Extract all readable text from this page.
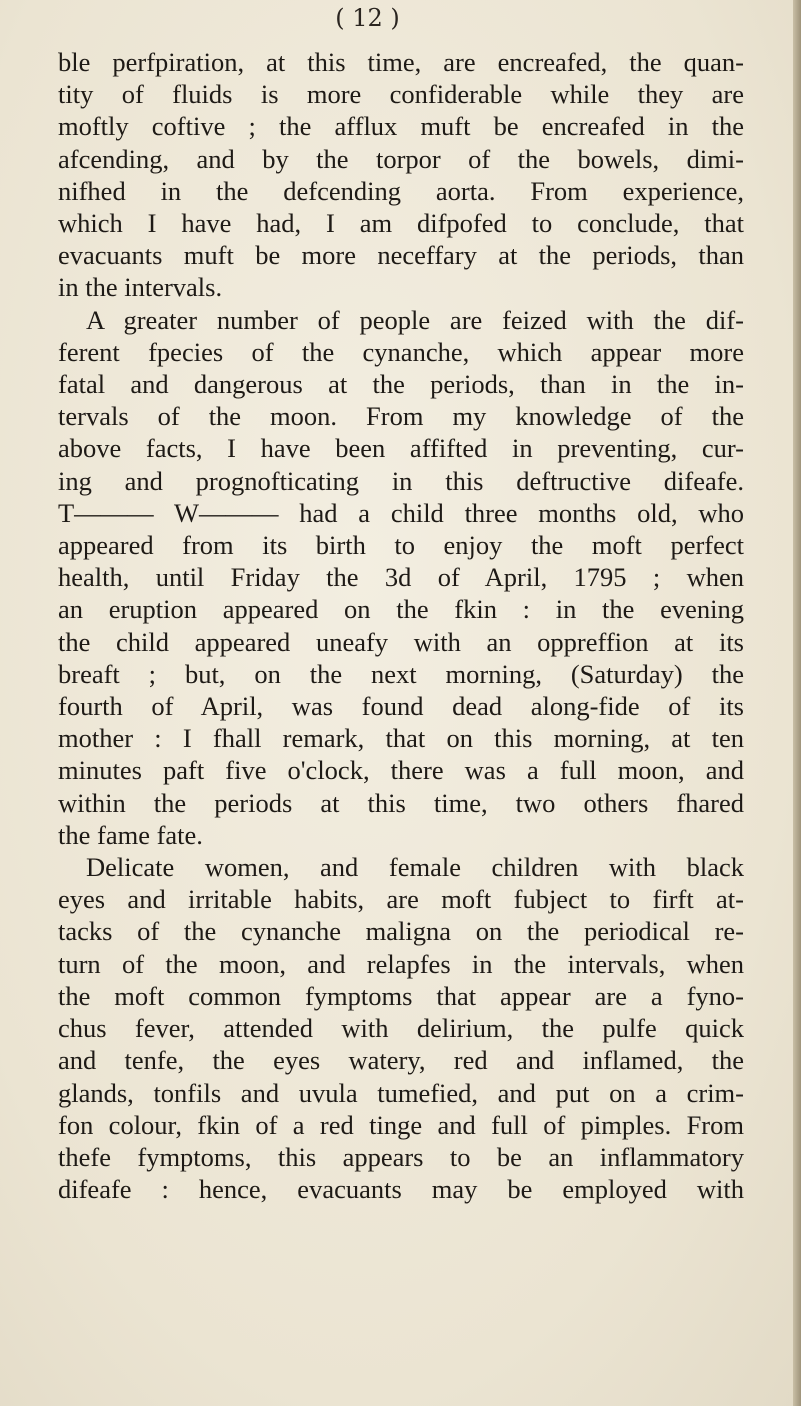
( 12 )
ble perfpiration, at this time, are encreafed, the quan-
tity of fluids is more confiderable while they are
moftly coftive ; the afflux muft be encreafed in the
afcending, and by the torpor of the bowels, dimi-
nifhed in the defcending aorta. From experience,
which I have had, I am difpofed to conclude, that
evacuants muft be more neceffary at the periods, than
in the intervals.
A greater number of people are feized with the dif-
ferent fpecies of the cynanche, which appear more
fatal and dangerous at the periods, than in the in-
tervals of the moon. From my knowledge of the
above facts, I have been affifted in preventing, cur-
ing and prognofticating in this deftructive difeafe.
T——— W——— had a child three months old, who
appeared from its birth to enjoy the moft perfect
health, until Friday the 3d of April, 1795 ; when
an eruption appeared on the fkin : in the evening
the child appeared uneafy with an oppreffion at its
breaft ; but, on the next morning, (Saturday) the
fourth of April, was found dead along-fide of its
mother : I fhall remark, that on this morning, at ten
minutes paft five o'clock, there was a full moon, and
within the periods at this time, two others fhared
the fame fate.
Delicate women, and female children with black
eyes and irritable habits, are moft fubject to firft at-
tacks of the cynanche maligna on the periodical re-
turn of the moon, and relapfes in the intervals, when
the moft common fymptoms that appear are a fyno-
chus fever, attended with delirium, the pulfe quick
and tenfe, the eyes watery, red and inflamed, the
glands, tonfils and uvula tumefied, and put on a crim-
fon colour, fkin of a red tinge and full of pimples. From
thefe fymptoms, this appears to be an inflammatory
difeafe : hence, evacuants may be employed with
